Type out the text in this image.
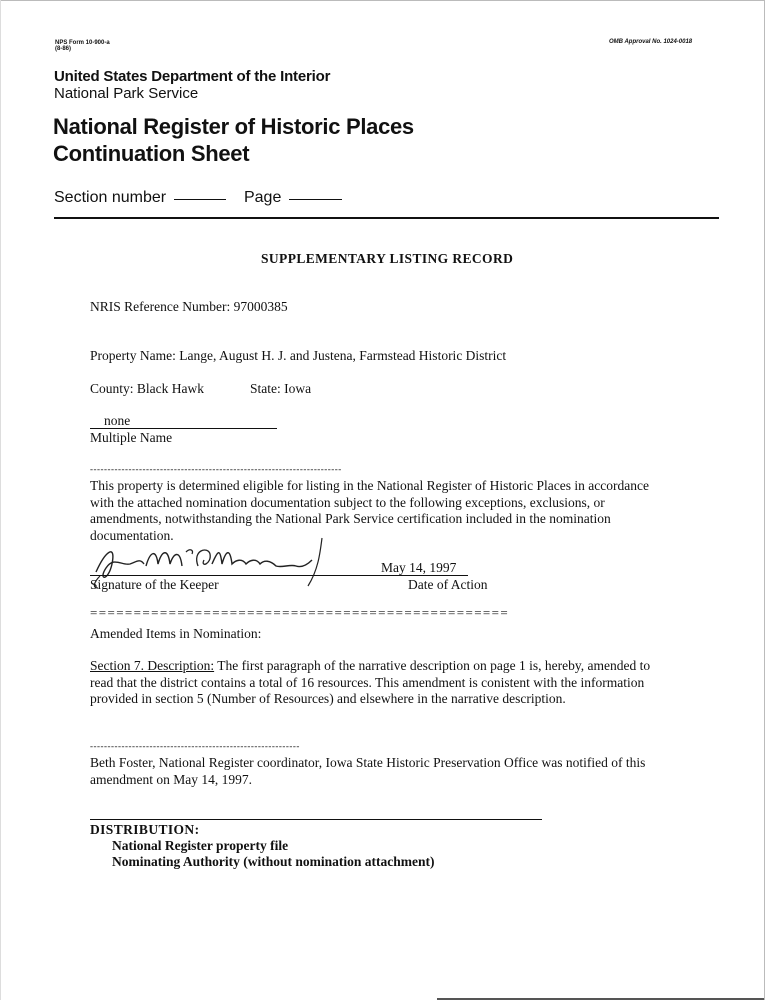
NPS Form 10-900-a
(8-86)
OMB Approval No. 1024-0018
United States Department of the Interior
National Park Service
National Register of Historic Places
Continuation Sheet
Section number	Page
SUPPLEMENTARY LISTING RECORD
NRIS Reference Number: 97000385
Property Name: Lange, August H. J. and Justena, Farmstead Historic District
County: Black Hawk	State: Iowa
none
Multiple Name
------------------------------------------------------------------------
This property is determined eligible for listing in the National Register of Historic Places in accordance with the attached nomination documentation subject to the following exceptions, exclusions, or amendments, notwithstanding the National Park Service certification included in the nomination documentation.
May 14, 1997
Signature of the Keeper	Date of Action
================================================
Amended Items in Nomination:
Section 7. Description: The first paragraph of the narrative description on page 1 is, hereby, amended to read that the district contains a total of 16 resources. This amendment is conistent with the information provided in section 5 (Number of Resources) and elsewhere in the narrative description.
------------------------------------------------------------
Beth Foster, National Register coordinator, Iowa State Historic Preservation Office was notified of this amendment on May 14, 1997.
DISTRIBUTION:
National Register property file
Nominating Authority (without nomination attachment)
